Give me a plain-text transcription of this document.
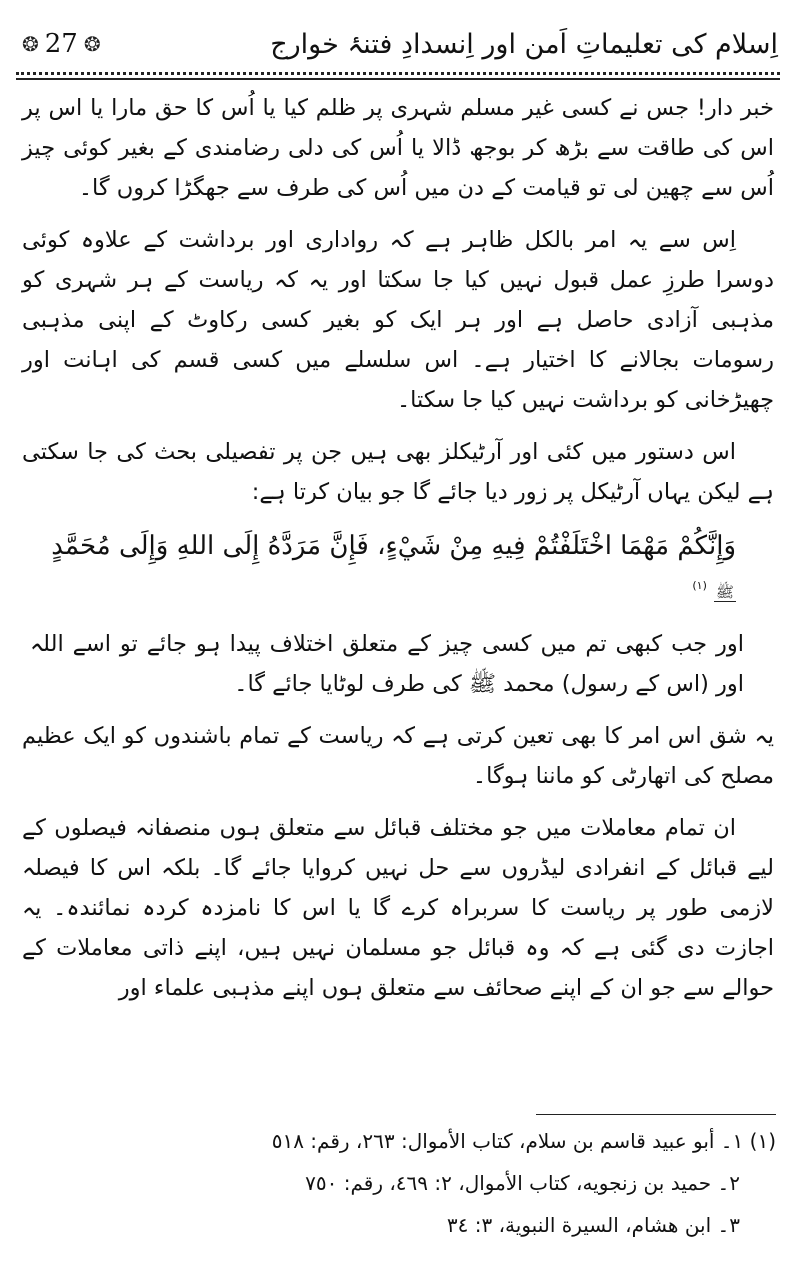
اِسلام کی تعلیماتِ اَمن اور اِنسدادِ فتنۂ خوارج
❂ 27 ❂

خبر دار! جس نے کسی غیر مسلم شہری پر ظلم کیا یا اُس کا حق مارا یا اس پر اس کی طاقت سے بڑھ کر بوجھ ڈالا یا اُس کی دلی رضامندی کے بغیر کوئی چیز اُس سے چھین لی تو قیامت کے دن میں اُس کی طرف سے جھگڑا کروں گا۔

اِس سے یہ امر بالکل ظاہر ہے کہ رواداری اور برداشت کے علاوہ کوئی دوسرا طرزِ عمل قبول نہیں کیا جا سکتا اور یہ کہ ریاست کے ہر شہری کو مذہبی آزادی حاصل ہے اور ہر ایک کو بغیر کسی رکاوٹ کے اپنی مذہبی رسومات بجالانے کا اختیار ہے۔ اس سلسلے میں کسی قسم کی اہانت اور چھیڑخانی کو برداشت نہیں کیا جا سکتا۔

اس دستور میں کئی اور آرٹیکلز بھی ہیں جن پر تفصیلی بحث کی جا سکتی ہے لیکن یہاں آرٹیکل پر زور دیا جائے گا جو بیان کرتا ہے:

وَإِنَّكُمْ مَهْمَا اخْتَلَفْتُمْ فِيهِ مِنْ شَيْءٍ، فَإِنَّ مَرَدَّهُ إِلَى اللهِ وَإِلَى مُحَمَّدٍ

ﷺ $^{(١)}$

اور جب کبھی تم میں کسی چیز کے متعلق اختلاف پیدا ہو جائے تو اسے اللہ اور (اس کے رسول) محمد ﷺ کی طرف لوٹایا جائے گا۔

یہ شق اس امر کا بھی تعین کرتی ہے کہ ریاست کے تمام باشندوں کو ایک عظیم مصلح کی اتھارٹی کو ماننا ہوگا۔

ان تمام معاملات میں جو مختلف قبائل سے متعلق ہوں منصفانہ فیصلوں کے لیے قبائل کے انفرادی لیڈروں سے حل نہیں کروایا جائے گا۔ بلکہ اس کا فیصلہ لازمی طور پر ریاست کا سربراہ کرے گا یا اس کا نامزدہ کردہ نمائندہ۔ یہ اجازت دی گئی ہے کہ وہ قبائل جو مسلمان نہیں ہیں، اپنے ذاتی معاملات کے حوالے سے جو ان کے اپنے صحائف سے متعلق ہوں اپنے مذہبی علماء اور

(١) ١۔ أبو عبيد قاسم بن سلام، كتاب الأموال: ٢٦٣، رقم: ٥١٨
٢۔ حميد بن زنجويه، كتاب الأموال، ٢: ٤٦٩، رقم: ٧٥٠
٣۔ ابن هشام، السيرة النبوية، ٣: ٣٤
